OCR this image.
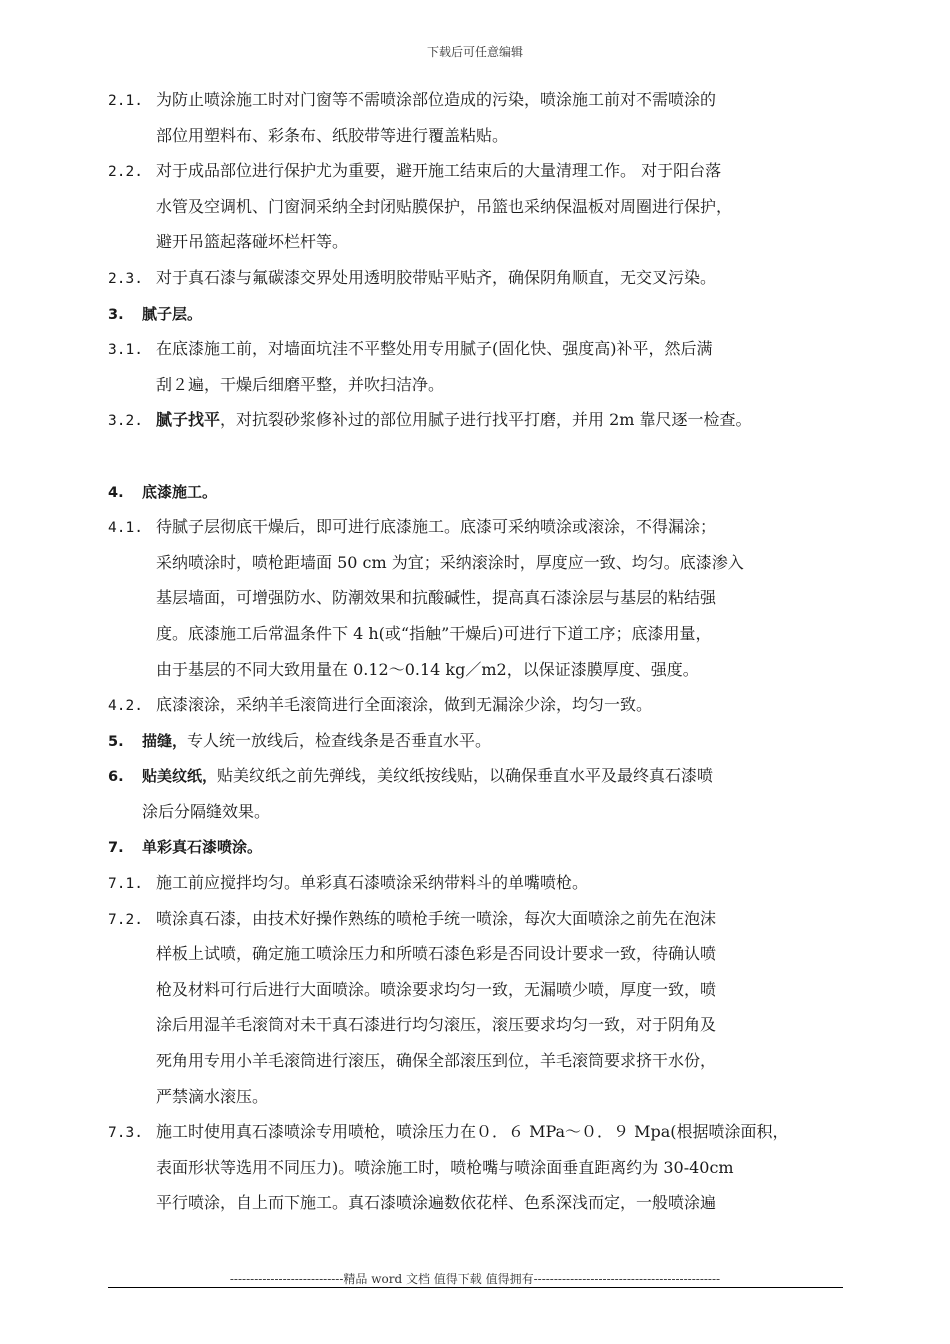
下载后可任意编辑
2.1. 为防止喷涂施工时对门窗等不需喷涂部位造成的污染，喷涂施工前对不需喷涂的
部位用塑料布、彩条布、纸胶带等进行覆盖粘贴。
2.2. 对于成品部位进行保护尤为重要，避开施工结束后的大量清理工作。 对于阳台落
水管及空调机、门窗洞采纳全封闭贴膜保护，吊篮也采纳保温板对周圈进行保护，
避开吊篮起落碰坏栏杆等。
2.3. 对于真石漆与氟碳漆交界处用透明胶带贴平贴齐，确保阴角顺直，无交叉污染。
3. 腻子层。
3.1. 在底漆施工前，对墙面坑洼不平整处用专用腻子(固化快、强度高)补平，然后满
刮２遍，干燥后细磨平整，并吹扫洁净。
3.2. 腻子找平，对抗裂砂浆修补过的部位用腻子进行找平打磨，并用 2m 靠尺逐一检查。
4. 底漆施工。
4.1. 待腻子层彻底干燥后，即可进行底漆施工。底漆可采纳喷涂或滚涂，不得漏涂；
采纳喷涂时，喷枪距墙面 50 cm 为宜；采纳滚涂时，厚度应一致、均匀。底漆渗入
基层墙面，可增强防水、防潮效果和抗酸碱性，提高真石漆涂层与基层的粘结强
度。底漆施工后常温条件下 4 h(或“指触”干燥后)可进行下道工序；底漆用量，
由于基层的不同大致用量在 0.12～0.14 kg／m2，以保证漆膜厚度、强度。
4.2. 底漆滚涂，采纳羊毛滚筒进行全面滚涂，做到无漏涂少涂，均匀一致。
5. 描缝，专人统一放线后，检查线条是否垂直水平。
6. 贴美纹纸，贴美纹纸之前先弹线，美纹纸按线贴，以确保垂直水平及最终真石漆喷
涂后分隔缝效果。
7. 单彩真石漆喷涂。
7.1. 施工前应搅拌均匀。单彩真石漆喷涂采纳带料斗的单嘴喷枪。
7.2. 喷涂真石漆，由技术好操作熟练的喷枪手统一喷涂，每次大面喷涂之前先在泡沫
样板上试喷，确定施工喷涂压力和所喷石漆色彩是否同设计要求一致，待确认喷
枪及材料可行后进行大面喷涂。喷涂要求均匀一致，无漏喷少喷，厚度一致，喷
涂后用湿羊毛滚筒对未干真石漆进行均匀滚压，滚压要求均匀一致，对于阴角及
死角用专用小羊毛滚筒进行滚压，确保全部滚压到位，羊毛滚筒要求挤干水份，
严禁滴水滚压。
7.3. 施工时使用真石漆喷涂专用喷枪，喷涂压力在０．６ MPa～０．９ Mpa(根据喷涂面积，
表面形状等选用不同压力)。喷涂施工时，喷枪嘴与喷涂面垂直距离约为 30-40cm
平行喷涂，自上而下施工。真石漆喷涂遍数依花样、色系深浅而定，一般喷涂遍
----------------------------精品 word 文档 值得下载 值得拥有----------------------------------------------
